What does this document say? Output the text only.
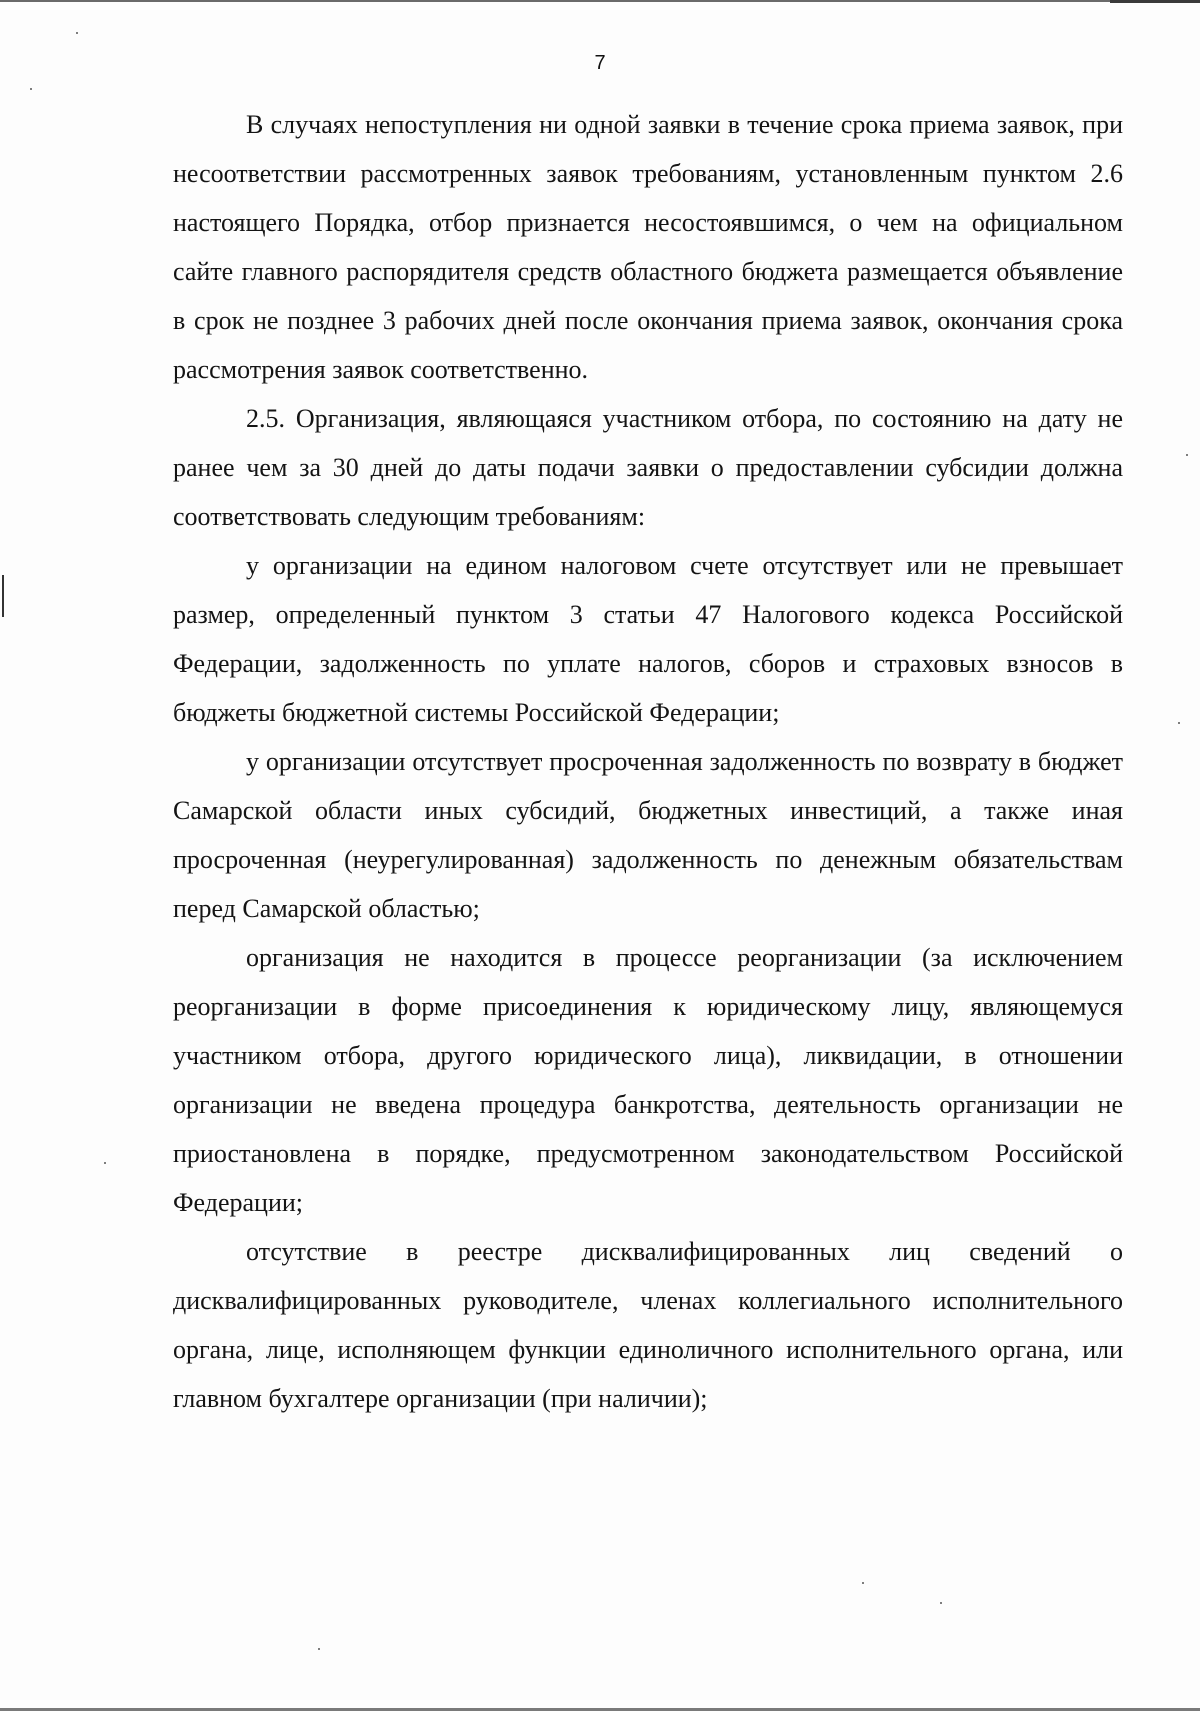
7

В случаях непоступления ни одной заявки в течение срока приема заявок, при несоответствии рассмотренных заявок требованиям, установленным пунктом 2.6 настоящего Порядка, отбор признается несостоявшимся, о чем на официальном сайте главного распорядителя средств областного бюджета размещается объявление в срок не позднее 3 рабочих дней после окончания приема заявок, окончания срока рассмотрения заявок соответственно.

2.5. Организация, являющаяся участником отбора, по состоянию на дату не ранее чем за 30 дней до даты подачи заявки о предоставлении субсидии должна соответствовать следующим требованиям:

у организации на едином налоговом счете отсутствует или не превышает размер, определенный пунктом 3 статьи 47 Налогового кодекса Российской Федерации, задолженность по уплате налогов, сборов и страховых взносов в бюджеты бюджетной системы Российской Федерации;

у организации отсутствует просроченная задолженность по возврату в бюджет Самарской области иных субсидий, бюджетных инвестиций, а также иная просроченная (неурегулированная) задолженность по денежным обязательствам перед Самарской областью;

организация не находится в процессе реорганизации (за исключением реорганизации в форме присоединения к юридическому лицу, являющемуся участником отбора, другого юридического лица), ликвидации, в отношении организации не введена процедура банкротства, деятельность организации не приостановлена в порядке, предусмотренном законодательством Российской Федерации;

отсутствие в реестре дисквалифицированных лиц сведений о дисквалифицированных руководителе, членах коллегиального исполнительного органа, лице, исполняющем функции единоличного исполнительного органа, или главном бухгалтере организации (при наличии);
